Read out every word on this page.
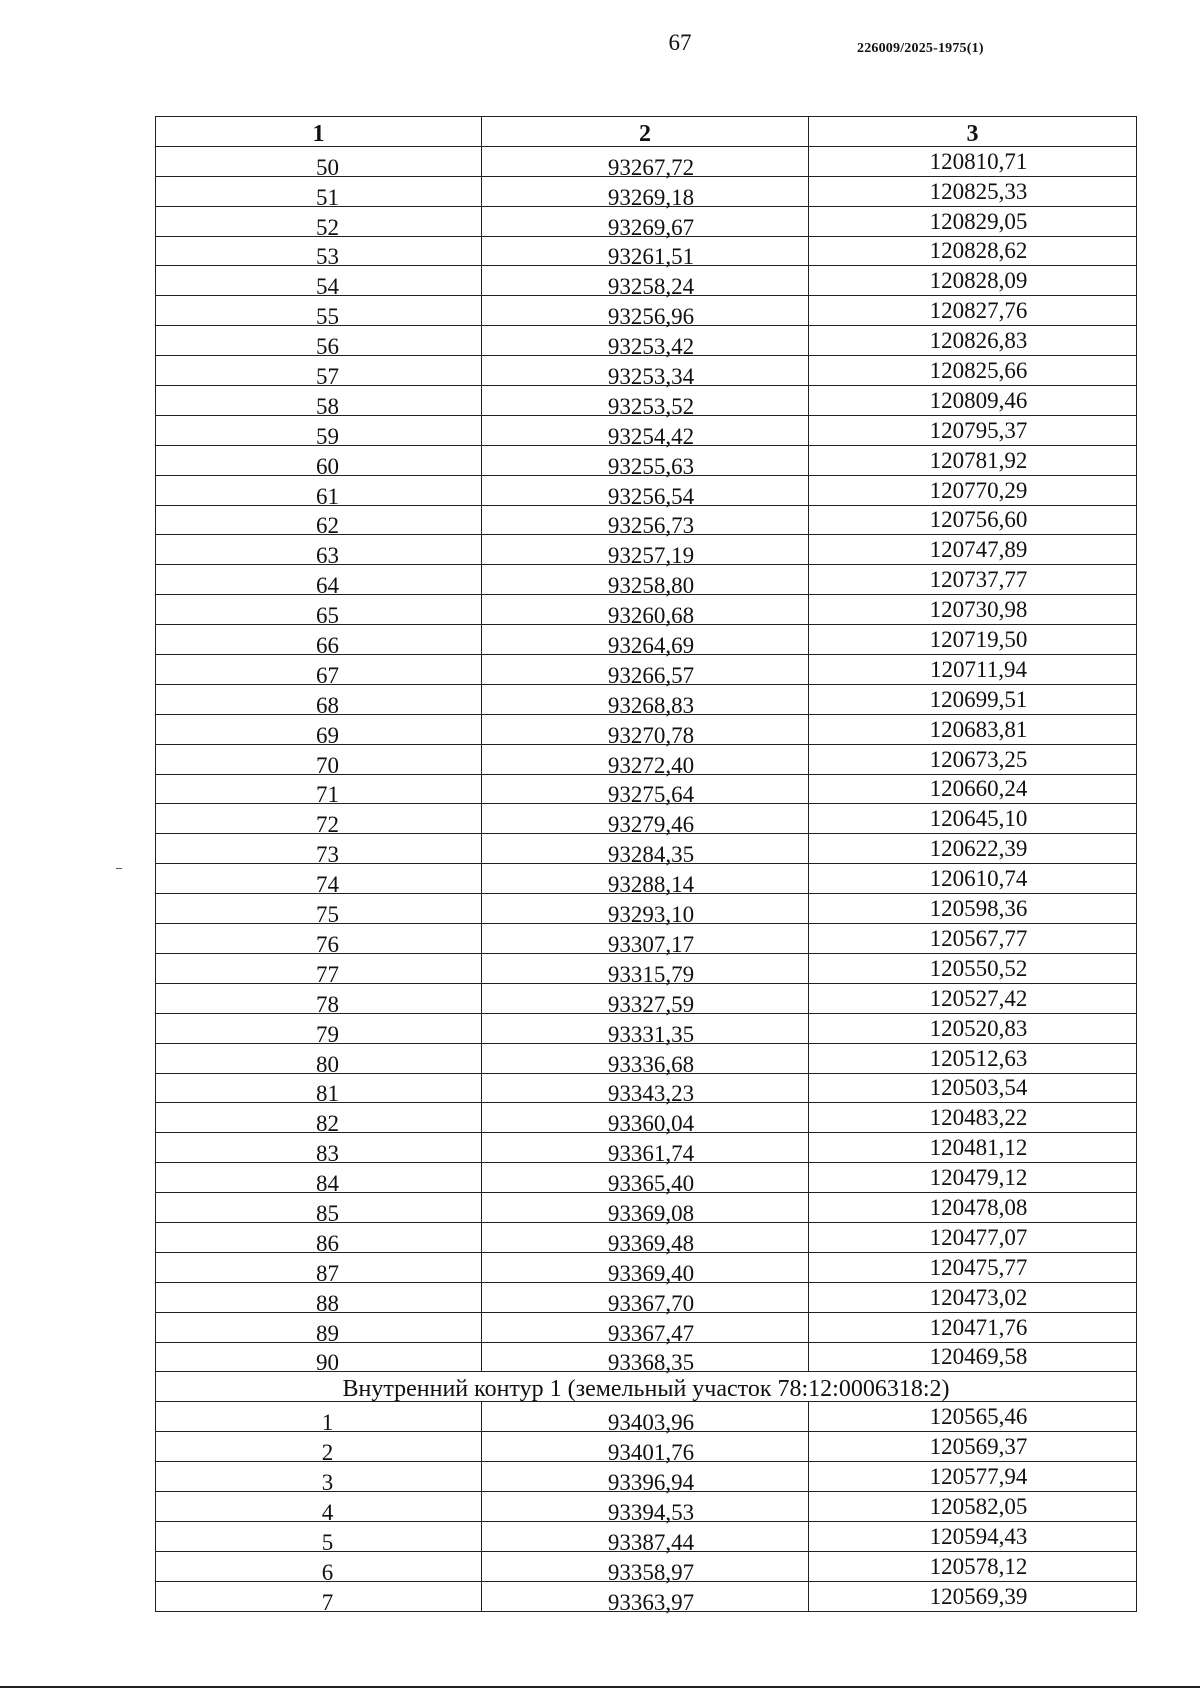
67	226009/2025-1975(1)
1	2	3
50	93267,72	120810,71
51	93269,18	120825,33
52	93269,67	120829,05
53	93261,51	120828,62
54	93258,24	120828,09
55	93256,96	120827,76
56	93253,42	120826,83
57	93253,34	120825,66
58	93253,52	120809,46
59	93254,42	120795,37
60	93255,63	120781,92
61	93256,54	120770,29
62	93256,73	120756,60
63	93257,19	120747,89
64	93258,80	120737,77
65	93260,68	120730,98
66	93264,69	120719,50
67	93266,57	120711,94
68	93268,83	120699,51
69	93270,78	120683,81
70	93272,40	120673,25
71	93275,64	120660,24
72	93279,46	120645,10
73	93284,35	120622,39
74	93288,14	120610,74
75	93293,10	120598,36
76	93307,17	120567,77
77	93315,79	120550,52
78	93327,59	120527,42
79	93331,35	120520,83
80	93336,68	120512,63
81	93343,23	120503,54
82	93360,04	120483,22
83	93361,74	120481,12
84	93365,40	120479,12
85	93369,08	120478,08
86	93369,48	120477,07
87	93369,40	120475,77
88	93367,70	120473,02
89	93367,47	120471,76
90	93368,35	120469,58
Внутренний контур 1 (земельный участок 78:12:0006318:2)		
1	93403,96	120565,46
2	93401,76	120569,37
3	93396,94	120577,94
4	93394,53	120582,05
5	93387,44	120594,43
6	93358,97	120578,12
7	93363,97	120569,39
